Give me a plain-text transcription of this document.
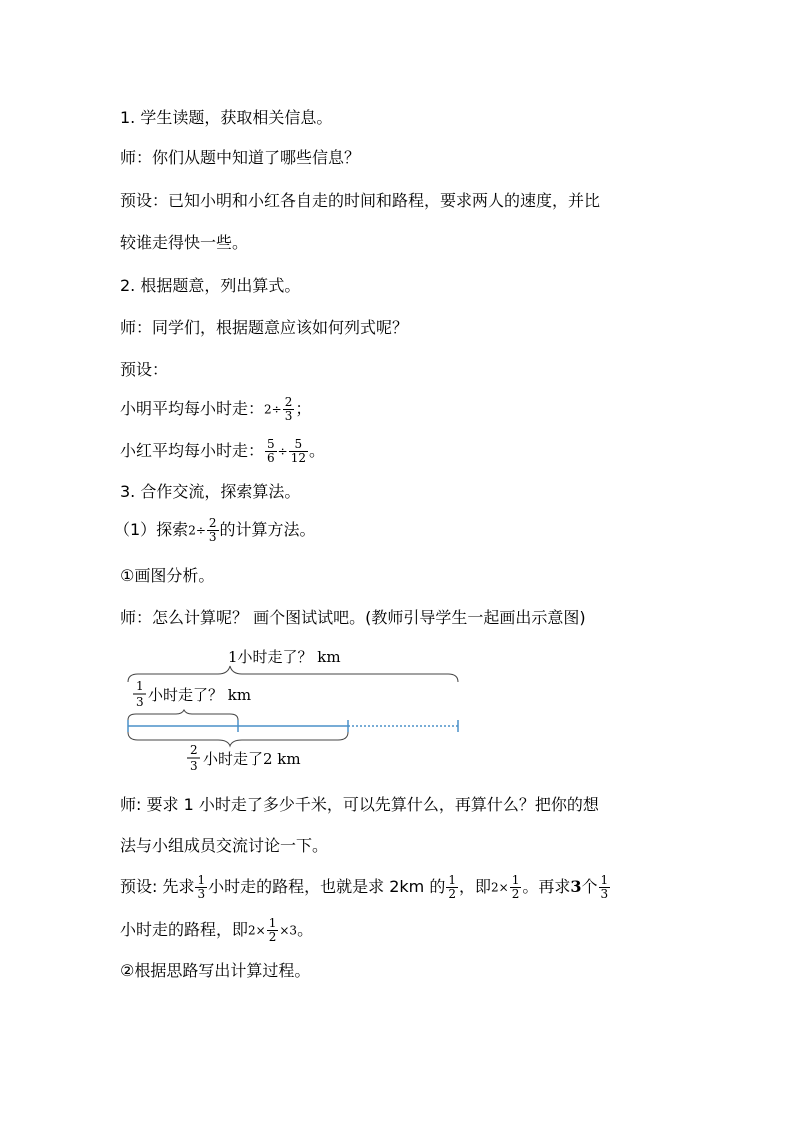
1. 学生读题，获取相关信息。
师：你们从题中知道了哪些信息？
预设：已知小明和小红各自走的时间和路程，要求两人的速度，并比
较谁走得快一些。
2. 根据题意，列出算式。
师：同学们，根据题意应该如何列式呢？
预设：
小明平均每小时走：$2\div \frac{2}{3}$ ；
小红平均每小时走： $\frac{5}{6} \div \frac{5}{12}$ 。
3. 合作交流，探索算法。
（1）探索$2\div \frac{2}{3}$ 的计算方法。
①画图分析。
师：怎么计算呢？ 画个图试试吧。(教师引导学生一起画出示意图)
1小时走了？ km
1
3 小时走了？ km
2
3 小时走了2 km
师: 要求 1 小时走了多少千米，可以先算什么，再算什么？把你的想
法与小组成员交流讨论一下。
预设: 先求 $\frac{1}{3}$ 小时走的路程，也就是求 2km 的 $\frac{1}{2}$ ，即$2\times \frac{1}{2}$ 。再求3个 $\frac{1}{3}$
小时走的路程，即$2\times \frac{1}{2} \times 3$。
②根据思路写出计算过程。
